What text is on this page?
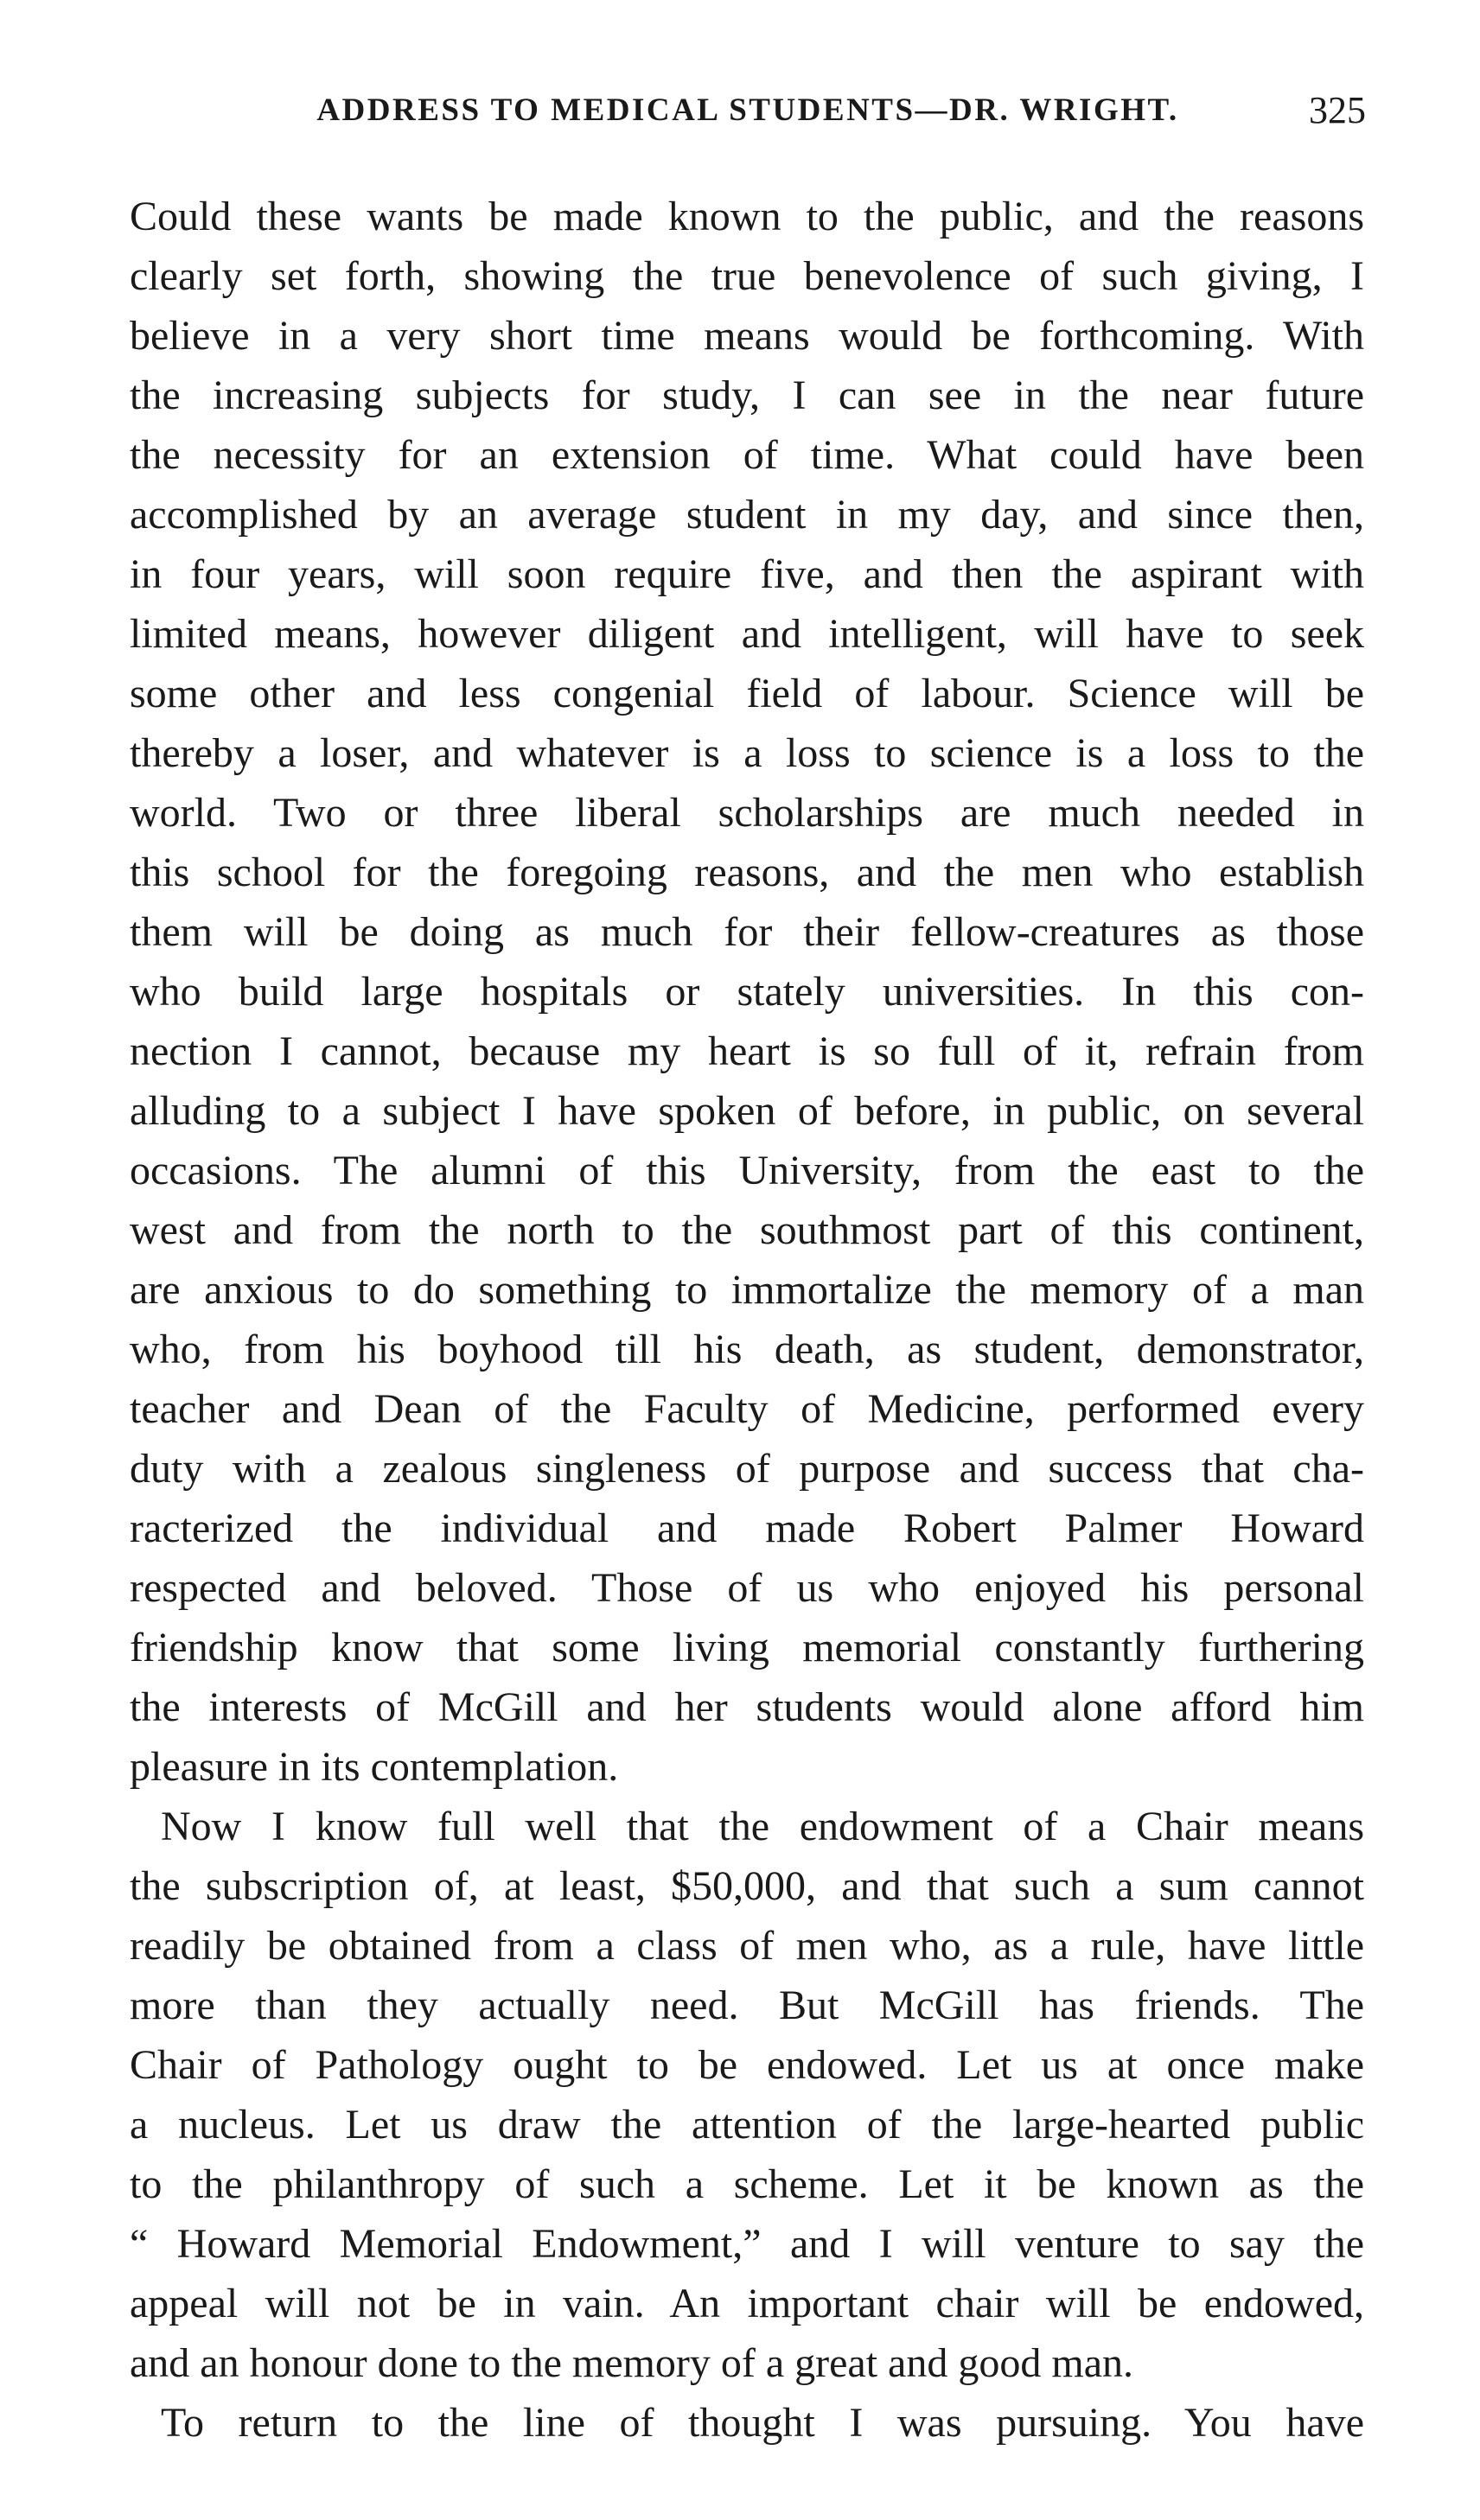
ADDRESS TO MEDICAL STUDENTS—DR. WRIGHT.	325
Could these wants be made known to the public, and the reasons
clearly set forth, showing the true benevolence of such giving, I
believe in a very short time means would be forthcoming. With
the increasing subjects for study, I can see in the near future
the necessity for an extension of time. What could have been
accomplished by an average student in my day, and since then,
in four years, will soon require five, and then the aspirant with
limited means, however diligent and intelligent, will have to seek
some other and less congenial field of labour. Science will be
thereby a loser, and whatever is a loss to science is a loss to the
world. Two or three liberal scholarships are much needed in
this school for the foregoing reasons, and the men who establish
them will be doing as much for their fellow-creatures as those
who build large hospitals or stately universities. In this con-
nection I cannot, because my heart is so full of it, refrain from
alluding to a subject I have spoken of before, in public, on several
occasions. The alumni of this University, from the east to the
west and from the north to the southmost part of this continent,
are anxious to do something to immortalize the memory of a man
who, from his boyhood till his death, as student, demonstrator,
teacher and Dean of the Faculty of Medicine, performed every
duty with a zealous singleness of purpose and success that cha-
racterized the individual and made Robert Palmer Howard
respected and beloved. Those of us who enjoyed his personal
friendship know that some living memorial constantly furthering
the interests of McGill and her students would alone afford him
pleasure in its contemplation.
Now I know full well that the endowment of a Chair means
the subscription of, at least, $50,000, and that such a sum cannot
readily be obtained from a class of men who, as a rule, have little
more than they actually need. But McGill has friends. The
Chair of Pathology ought to be endowed. Let us at once make
a nucleus. Let us draw the attention of the large-hearted public
to the philanthropy of such a scheme. Let it be known as the
“ Howard Memorial Endowment,” and I will venture to say the
appeal will not be in vain. An important chair will be endowed,
and an honour done to the memory of a great and good man.
To return to the line of thought I was pursuing. You have
